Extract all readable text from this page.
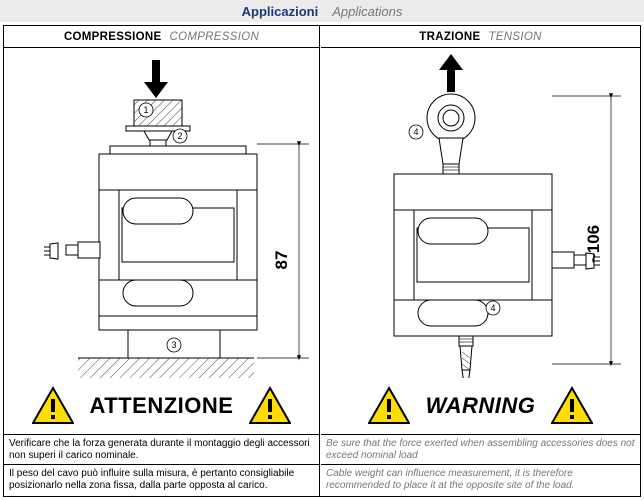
Applicazioni Applications
COMPRESSIONE COMPRESSION	TRAZIONE TENSION
87
1
2
3
~106
4
4
ATTENZIONE	WARNING
Verificare che la forza generata durante il montaggio degli accessori non superi il carico nominale.
Il peso del cavo può influire sulla misura, è pertanto consigliabile posizionarlo nella zona fissa, dalla parte opposta al carico.
Be sure that the force exerted when assembling accessories does not exceed nominal load
Cable weight can influence measurement, it is therefore recommended to place it at the opposite site of the load.
